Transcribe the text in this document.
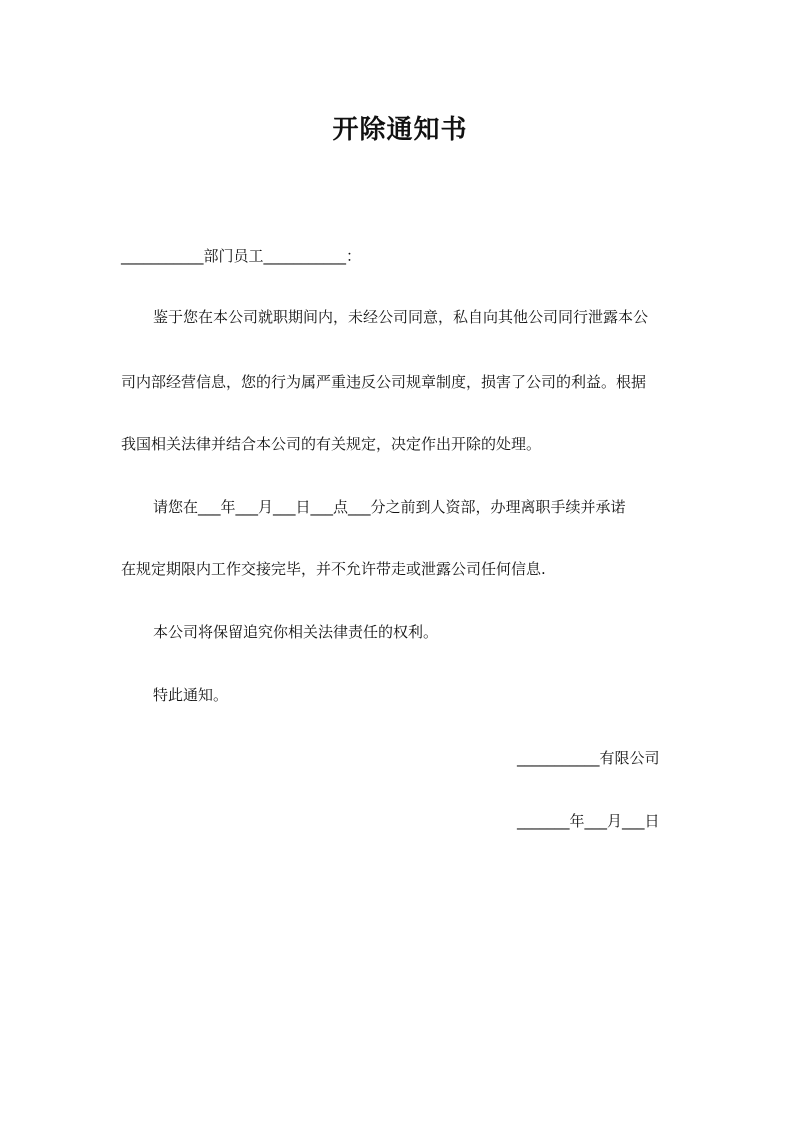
开除通知书
___________部门员工___________：
鉴于您在本公司就职期间内，未经公司同意，私自向其他公司同行泄露本公
司内部经营信息，您的行为属严重违反公司规章制度，损害了公司的利益。根据
我国相关法律并结合本公司的有关规定，决定作出开除的处理。
请您在___年___月___日___点___分之前到人资部，办理离职手续并承诺
在规定期限内工作交接完毕，并不允许带走或泄露公司任何信息.
本公司将保留追究你相关法律责任的权利。
特此通知。
___________有限公司
_______年___月___日
